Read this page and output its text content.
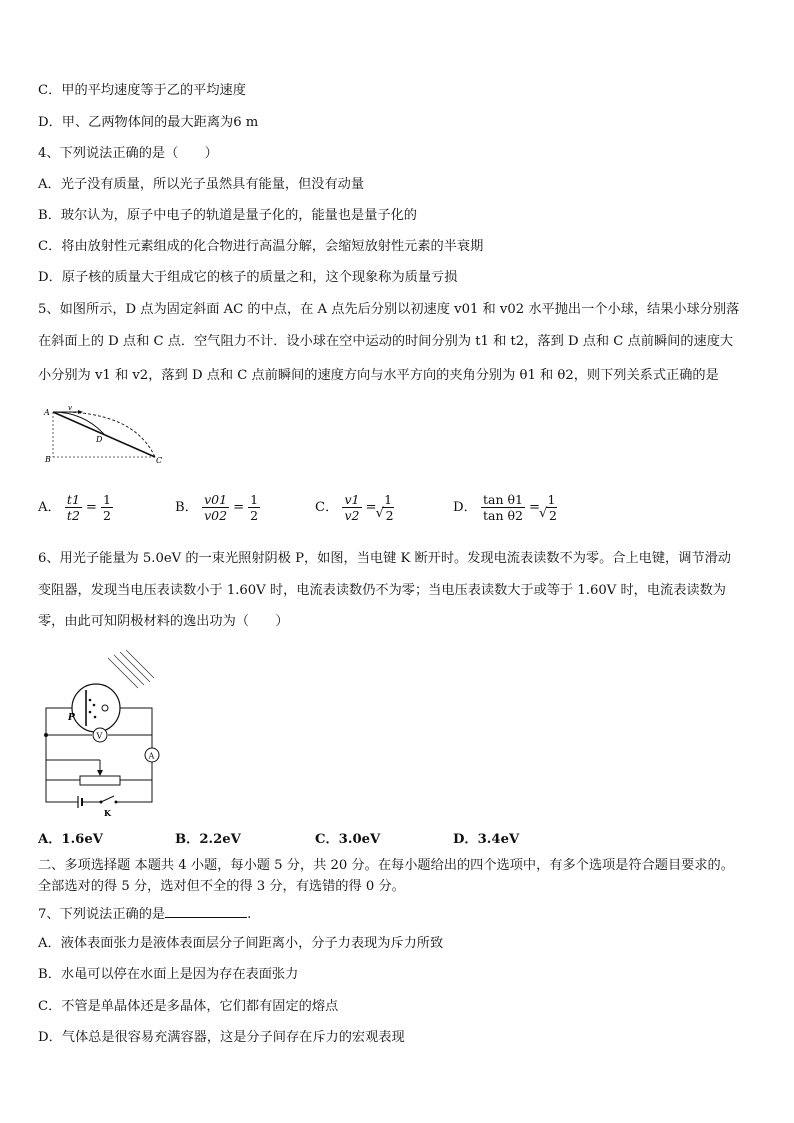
C．甲的平均速度等于乙的平均速度
D．甲、乙两物体间的最大距离为6 m
4、下列说法正确的是（　　）
A．光子没有质量，所以光子虽然具有能量，但没有动量
B．玻尔认为，原子中电子的轨道是量子化的，能量也是量子化的
C．将由放射性元素组成的化合物进行高温分解，会缩短放射性元素的半衰期
D．原子核的质量大于组成它的核子的质量之和，这个现象称为质量亏损
5、如图所示，D 点为固定斜面 AC 的中点，在 A 点先后分别以初速度 v01 和 v02 水平抛出一个小球，结果小球分别落
在斜面上的 D 点和 C 点．空气阻力不计．设小球在空中运动的时间分别为 t1 和 t2，落到 D 点和 C 点前瞬间的速度大
小分别为 v1 和 v2，落到 D 点和 C 点前瞬间的速度方向与水平方向的夹角分别为 θ1 和 θ2，则下列关系式正确的是
A
B	C
D
v
A． $\frac{t1}{t2} = \frac{1}{2}$	B． $\frac{v01}{v02} = \frac{1}{2}$	C． $\frac{v1}{v2} = 1$
√ 2	D． $\frac{\text{tan θ1}}{\text{tan θ2}} = 1$
√ 2
6、用光子能量为 5.0eV 的一束光照射阴极 P，如图，当电键 K 断开时。发现电流表读数不为零。合上电键，调节滑动
变阻器，发现当电压表读数小于 1.60V 时，电流表读数仍不为零；当电压表读数大于或等于 1.60V 时，电流表读数为
零，由此可知阴极材料的逸出功为（　　）
P
V
A
K
A．1.6eV	B．2.2eV	C．3.0eV	D．3.4eV
二、多项选择题 本题共 4 小题，每小题 5 分，共 20 分。在每小题给出的四个选项中，有多个选项是符合题目要求的。
全部选对的得 5 分，选对但不全的得 3 分，有选错的得 0 分。
7、下列说法正确的是	.
A．液体表面张力是液体表面层分子间距离小，分子力表现为斥力所致
B．水黾可以停在水面上是因为存在表面张力
C．不管是单晶体还是多晶体，它们都有固定的熔点
D．气体总是很容易充满容器，这是分子间存在斥力的宏观表现
